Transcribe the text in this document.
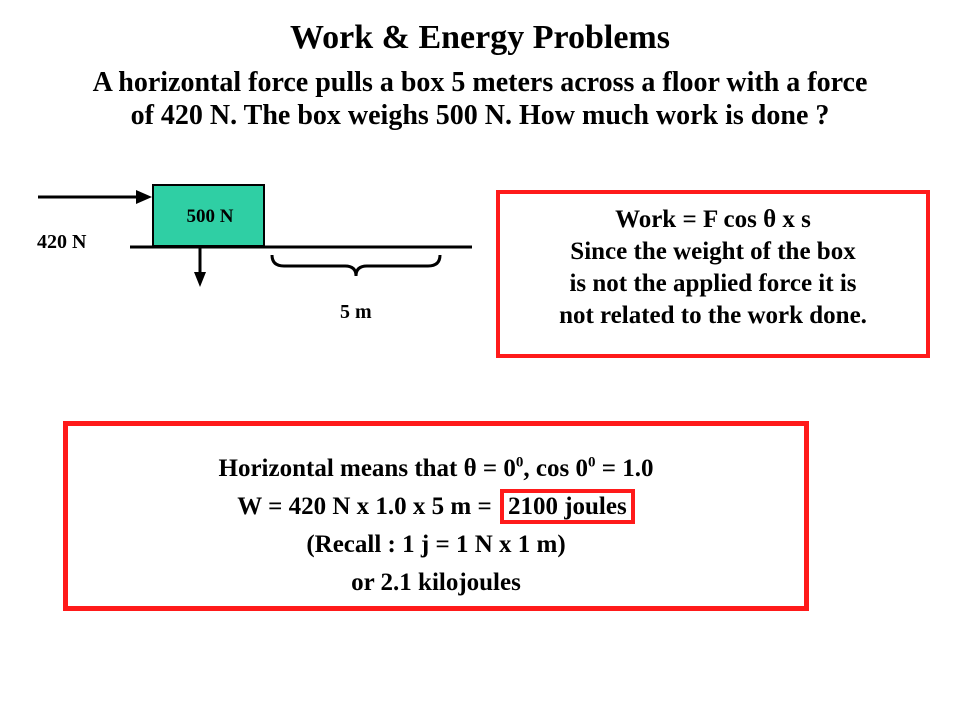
Work & Energy Problems
A horizontal force pulls a box 5 meters across a floor with a force
of 420 N. The box weighs 500 N. How much work is done ?
420 N
500 N
5 m
Work = F cos θ x s
Since the weight of the box
is not the applied force it is
not related to the work done.
Horizontal means that $\theta = 0^0$, $\cos 0^0 = 1.0$
W = 420 N x 1.0 x 5 m = 2100 joules
(Recall : 1 j = 1 N x 1 m)
or 2.1 kilojoules
